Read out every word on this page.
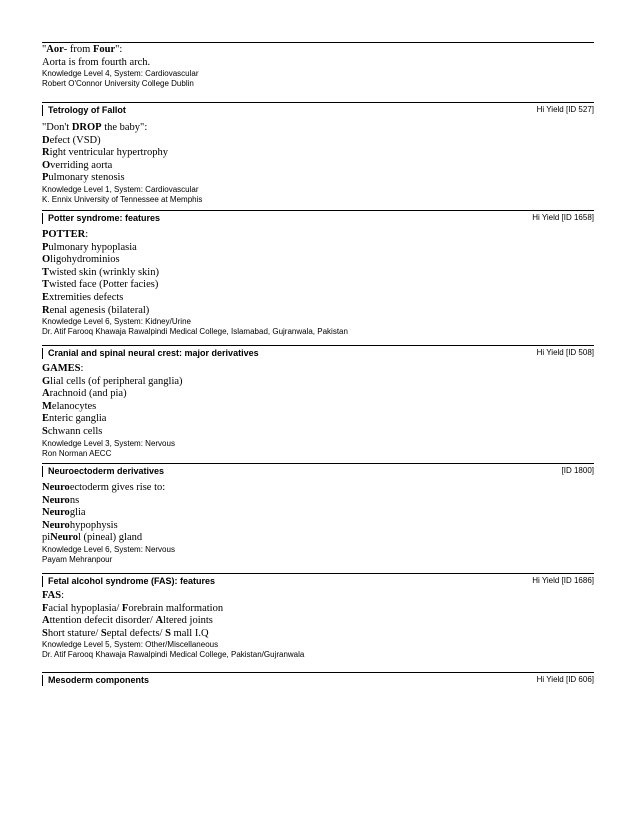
"Aor- from Four":
Aorta is from fourth arch.
Knowledge Level 4, System: Cardiovascular
Robert O'Connor University College Dublin
Tetrology of Fallot	Hi Yield [ID 527]
"Don't DROP the baby":
Defect (VSD)
Right ventricular hypertrophy
Overriding aorta
Pulmonary stenosis
Knowledge Level 1, System: Cardiovascular
K. Ennix University of Tennessee at Memphis
Potter syndrome: features	Hi Yield [ID 1658]
POTTER:
Pulmonary hypoplasia
Oligohydrominios
Twisted skin (wrinkly skin)
Twisted face (Potter facies)
Extremities defects
Renal agenesis (bilateral)
Knowledge Level 6, System: Kidney/Urine
Dr. Atif Farooq Khawaja Rawalpindi Medical College, Islamabad, Gujranwala, Pakistan
Cranial and spinal neural crest: major derivatives	Hi Yield [ID 508]
GAMES:
Glial cells (of peripheral ganglia)
Arachnoid (and pia)
Melanocytes
Enteric ganglia
Schwann cells
Knowledge Level 3, System: Nervous
Ron Norman AECC
Neuroectoderm derivatives	[ID 1800]
Neuroectoderm gives rise to:
Neurons
Neuroglia
Neurohypophysis
piNeurol (pineal) gland
Knowledge Level 6, System: Nervous
Payam Mehranpour
Fetal alcohol syndrome (FAS): features	Hi Yield [ID 1686]
FAS:
Facial hypoplasia/ Forebrain malformation
Attention defecit disorder/ Altered joints
Short stature/ Septal defects/ S mall I.Q
Knowledge Level 5, System: Other/Miscellaneous
Dr. Atif Farooq Khawaja Rawalpindi Medical College, Pakistan/Gujranwala
Mesoderm components	Hi Yield [ID 606]
